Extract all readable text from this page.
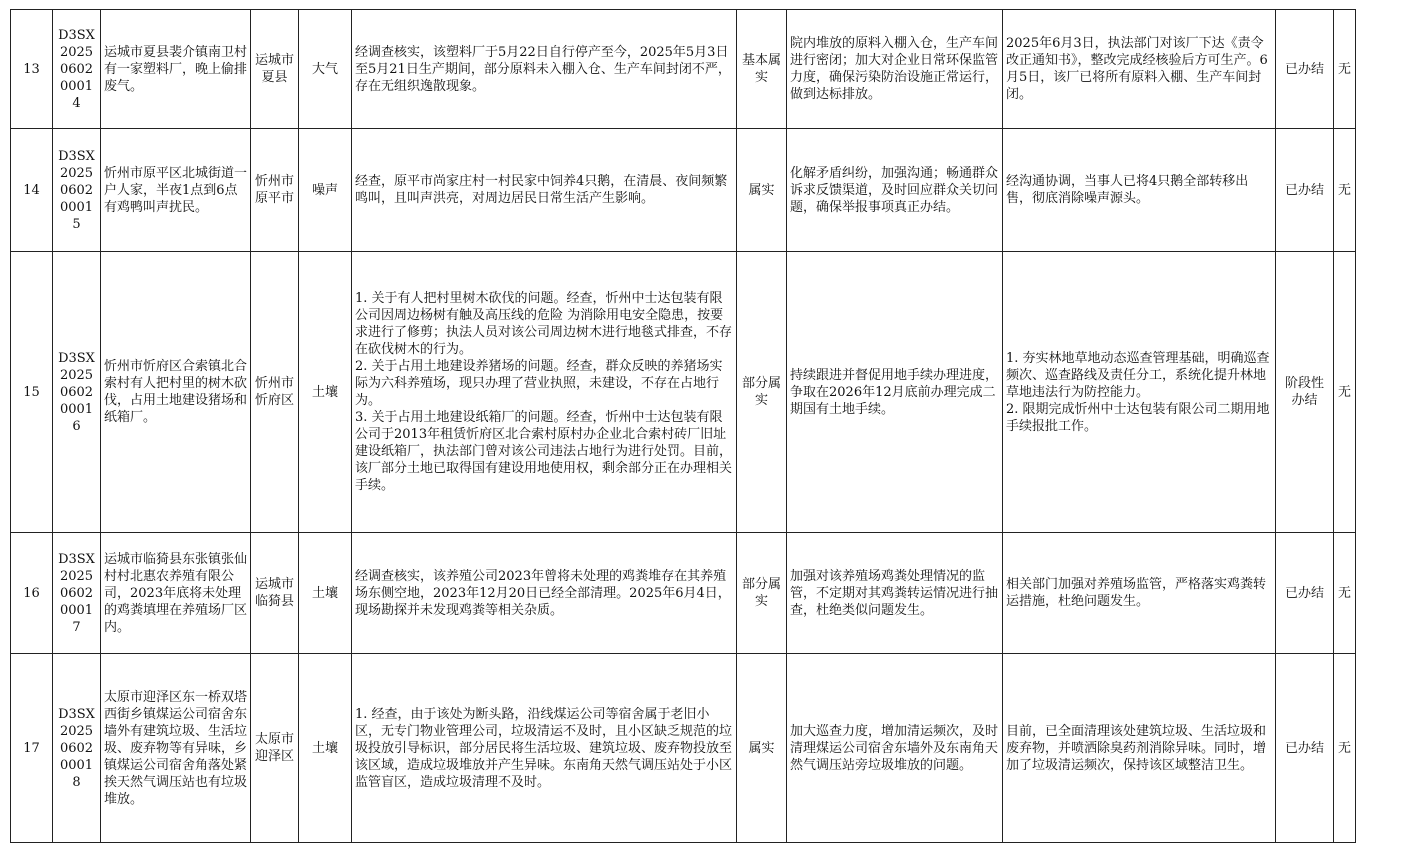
13	D3SX2025060200014	运城市夏县裴介镇南卫村有一家塑料厂，晚上偷排废气。	运城市夏县	大气	经调查核实，该塑料厂于5月22日自行停产至今，2025年5月3日至5月21日生产期间，部分原料未入棚入仓、生产车间封闭不严，存在无组织逸散现象。	基本属实	院内堆放的原料入棚入仓，生产车间进行密闭；加大对企业日常环保监管力度，确保污染防治设施正常运行，做到达标排放。	2025年6月3日，执法部门对该厂下达《责令改正通知书》，整改完成经核验后方可生产。6月5日，该厂已将所有原料入棚、生产车间封闭。	已办结	无
14	D3SX2025060200015	忻州市原平区北城街道一户人家，半夜1点到6点有鸡鸭叫声扰民。	忻州市原平市	噪声	经查，原平市尚家庄村一村民家中饲养4只鹅，在清晨、夜间频繁鸣叫，且叫声洪亮，对周边居民日常生活产生影响。	属实	化解矛盾纠纷，加强沟通；畅通群众诉求反馈渠道，及时回应群众关切问题，确保举报事项真正办结。	经沟通协调，当事人已将4只鹅全部转移出售，彻底消除噪声源头。	已办结	无
15	D3SX2025060200016	忻州市忻府区合索镇北合索村有人把村里的树木砍伐，占用土地建设猪场和纸箱厂。	忻州市忻府区	土壤	1. 关于有人把村里树木砍伐的问题。经查，忻州中士达包装有限公司因周边杨树有触及高压线的危险 为消除用电安全隐患，按要求进行了修剪；执法人员对该公司周边树木进行地毯式排查，不存在砍伐树木的行为。
2. 关于占用土地建设养猪场的问题。经查，群众反映的养猪场实际为六科养殖场，现只办理了营业执照，未建设，不存在占地行为。
3. 关于占用土地建设纸箱厂的问题。经查，忻州中士达包装有限公司于2013年租赁忻府区北合索村原村办企业北合索村砖厂旧址建设纸箱厂，执法部门曾对该公司违法占地行为进行处罚。目前，该厂部分土地已取得国有建设用地使用权，剩余部分正在办理相关手续。	部分属实	持续跟进并督促用地手续办理进度，争取在2026年12月底前办理完成二期国有土地手续。	1. 夯实林地草地动态巡查管理基础，明确巡查频次、巡查路线及责任分工，系统化提升林地草地违法行为防控能力。
2. 限期完成忻州中士达包装有限公司二期用地手续报批工作。	阶段性办结	无
16	D3SX2025060200017	运城市临猗县东张镇张仙村村北惠农养殖有限公司，2023年底将未处理的鸡粪填埋在养殖场厂区内。	运城市临猗县	土壤	经调查核实，该养殖公司2023年曾将未处理的鸡粪堆存在其养殖场东侧空地，2023年12月20日已经全部清理。2025年6月4日，现场勘探并未发现鸡粪等相关杂质。	部分属实	加强对该养殖场鸡粪处理情况的监管，不定期对其鸡粪转运情况进行抽查，杜绝类似问题发生。	相关部门加强对养殖场监管，严格落实鸡粪转运措施，杜绝问题发生。	已办结	无
17	D3SX2025060200018	太原市迎泽区东一桥双塔西街乡镇煤运公司宿舍东墙外有建筑垃圾、生活垃圾、废弃物等有异味，乡镇煤运公司宿舍角落处紧挨天然气调压站也有垃圾堆放。	太原市迎泽区	土壤	1. 经查，由于该处为断头路，沿线煤运公司等宿舍属于老旧小区，无专门物业管理公司，垃圾清运不及时，且小区缺乏规范的垃圾投放引导标识，部分居民将生活垃圾、建筑垃圾、废弃物投放至该区域，造成垃圾堆放并产生异味。东南角天然气调压站处于小区监管盲区，造成垃圾清理不及时。	属实	加大巡查力度，增加清运频次，及时清理煤运公司宿舍东墙外及东南角天然气调压站旁垃圾堆放的问题。	目前，已全面清理该处建筑垃圾、生活垃圾和废弃物，并喷洒除臭药剂消除异味。同时，增加了垃圾清运频次，保持该区域整洁卫生。	已办结	无
